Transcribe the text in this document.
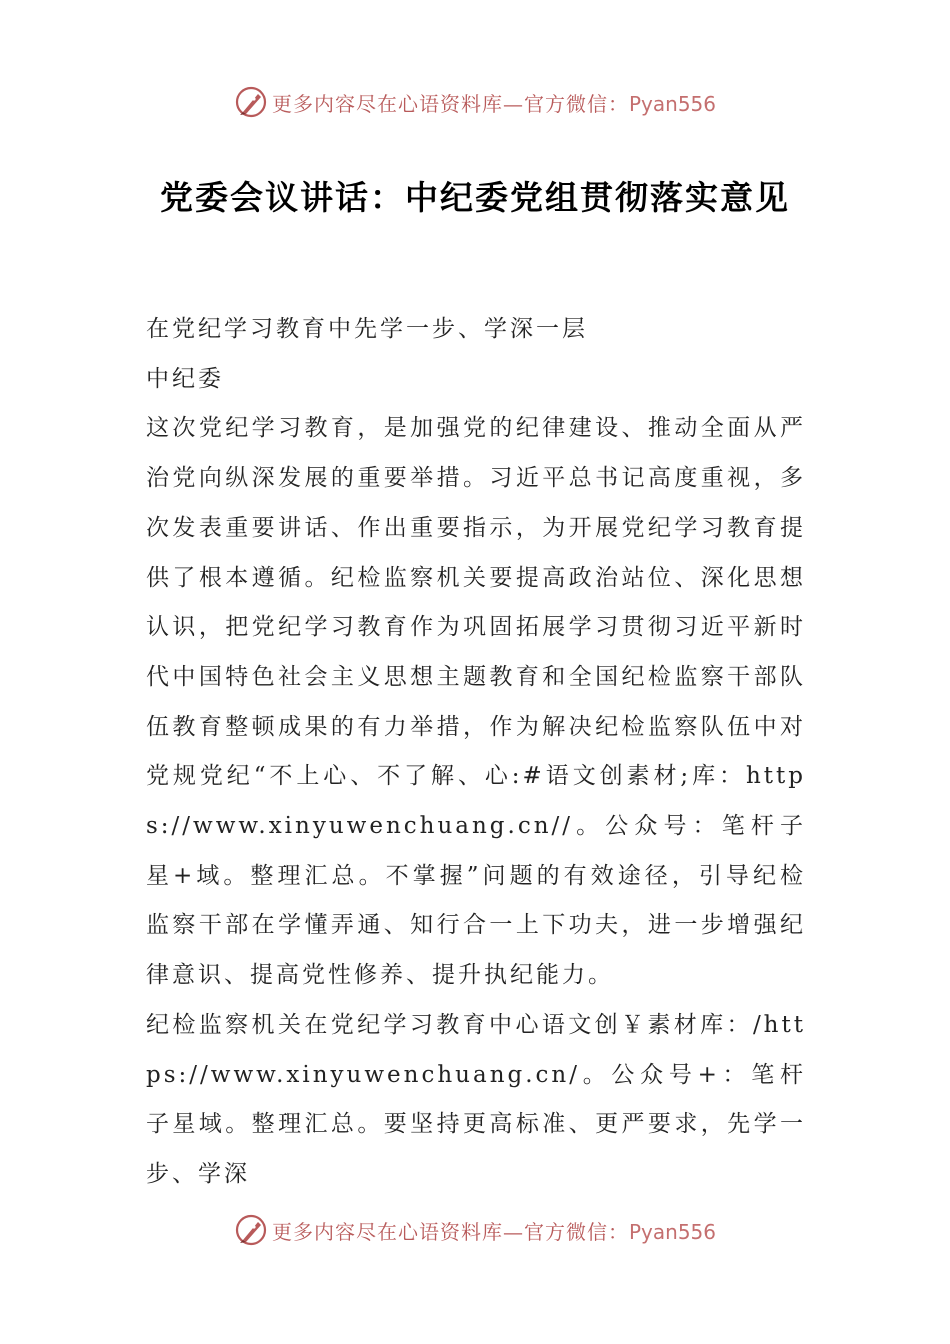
更多内容尽在心语资料库—官方微信：Pyan556
党委会议讲话：中纪委党组贯彻落实意见

在党纪学习教育中先学一步、学深一层

中纪委

这次党纪学习教育，是加强党的纪律建设、推动全面从严治党向纵深发展的重要举措。习近平总书记高度重视，多次发表重要讲话、作出重要指示，为开展党纪学习教育提供了根本遵循。纪检监察机关要提高政治站位、深化思想认识，把党纪学习教育作为巩固拓展学习贯彻习近平新时代中国特色社会主义思想主题教育和全国纪检监察干部队伍教育整顿成果的有力举措，作为解决纪检监察队伍中对党规党纪“不上心、不了解、心:#语文创素材;库：https://www.xinyuwenchuang.cn//。公众号：笔杆子星+域。整理汇总。不掌握”问题的有效途径，引导纪检监察干部在学懂弄通、知行合一上下功夫，进一步增强纪律意识、提高党性修养、提升执纪能力。

纪检监察机关在党纪学习教育中心语文创￥素材库：/https://www.xinyuwenchuang.cn/。公众号+：笔杆子星域。整理汇总。要坚持更高标准、更严要求，先学一步、学深

更多内容尽在心语资料库—官方微信：Pyan556
